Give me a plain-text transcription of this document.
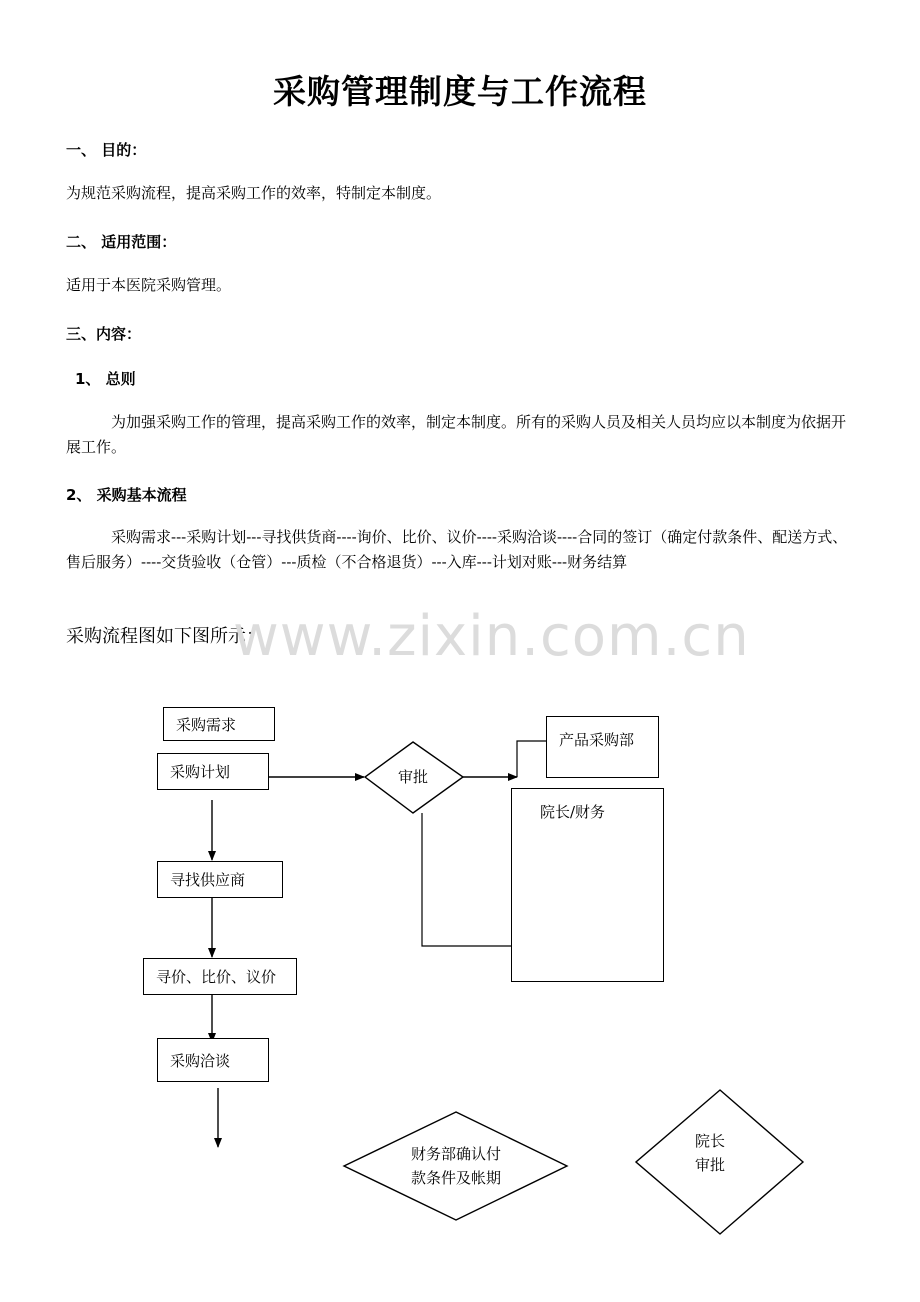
采购管理制度与工作流程
一、 目的：
为规范采购流程，提高采购工作的效率，特制定本制度。
二、 适用范围：
适用于本医院采购管理。
三、内容：
1、 总则
为加强采购工作的管理，提高采购工作的效率，制定本制度。所有的采购人员及相关人员均应以本制度为依据开展工作。
2、 采购基本流程
采购需求---采购计划---寻找供货商----询价、比价、议价----采购洽谈----合同的签订（确定付款条件、配送方式、售后服务）----交货验收（仓管）---质检（不合格退货）---入库---计划对账---财务结算
采购流程图如下图所示：
www.zixin.com.cn
采购需求
采购计划
寻找供应商
寻价、比价、议价
采购洽谈
产品采购部
院长/财务
审批
财务部确认付
款条件及帐期
院长
审批
